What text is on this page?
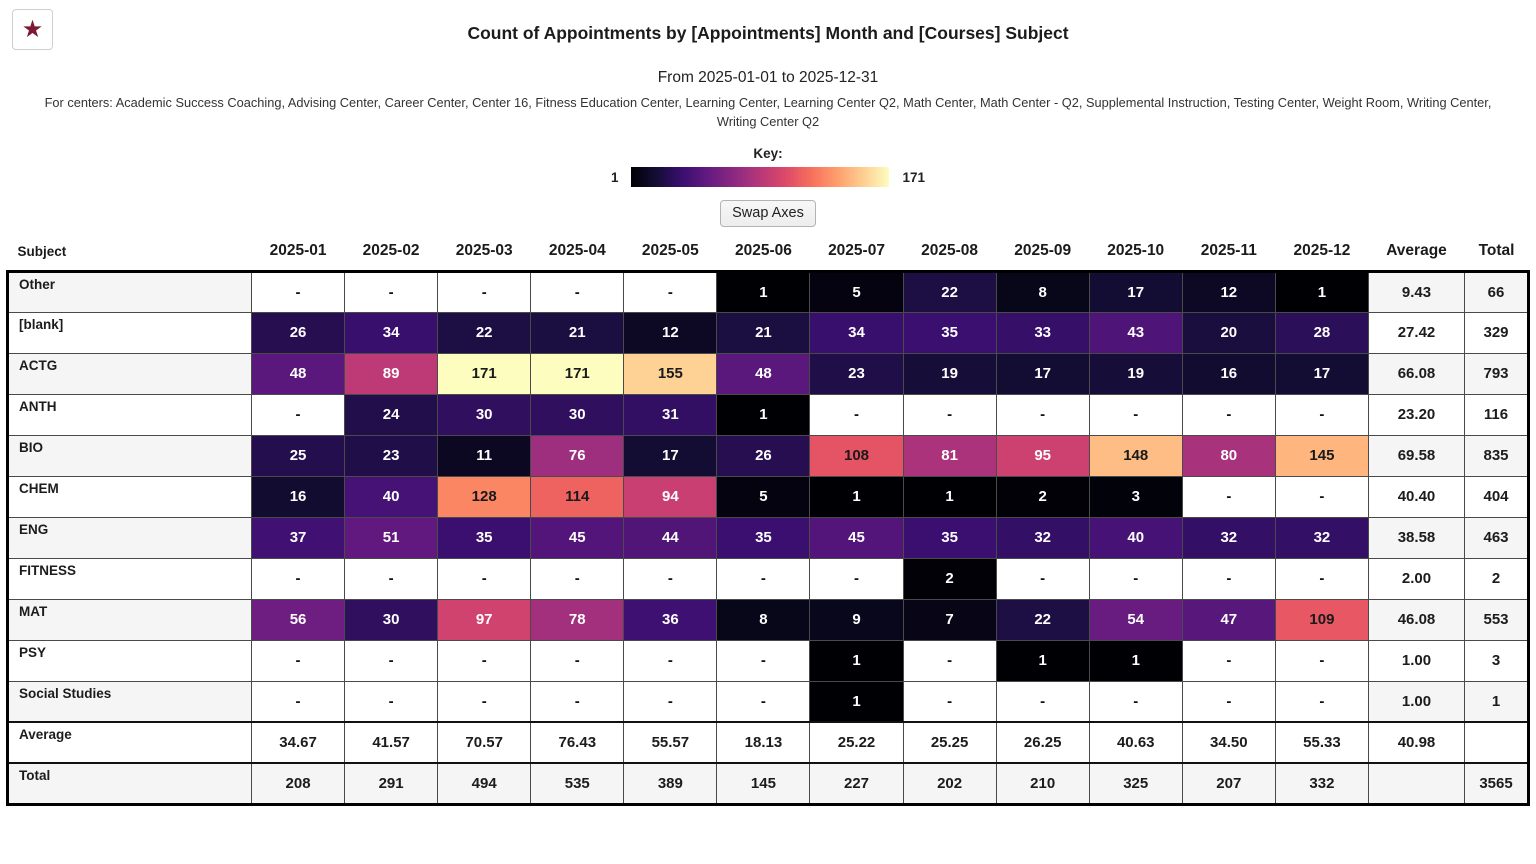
★	Count of Appointments by [Appointments] Month and [Courses] Subject
From 2025-01-01 to 2025-12-31
For centers: Academic Success Coaching, Advising Center, Career Center, Center 16, Fitness Education Center, Learning Center, Learning Center Q2, Math Center, Math Center - Q2, Supplemental Instruction, Testing Center, Weight Room, Writing Center, Writing Center Q2
Key:
1	171
Swap Axes
Subject	2025-01	2025-02	2025-03	2025-04	2025-05	2025-06	2025-07	2025-08	2025-09	2025-10	2025-11	2025-12	Average	Total
Other	-	-	-	-	-	1	5	22	8	17	12	1	9.43	66
[blank]	26	34	22	21	12	21	34	35	33	43	20	28	27.42	329
ACTG	48	89	171	171	155	48	23	19	17	19	16	17	66.08	793
ANTH	-	24	30	30	31	1	-	-	-	-	-	-	23.20	116
BIO	25	23	11	76	17	26	108	81	95	148	80	145	69.58	835
CHEM	16	40	128	114	94	5	1	1	2	3	-	-	40.40	404
ENG	37	51	35	45	44	35	45	35	32	40	32	32	38.58	463
FITNESS	-	-	-	-	-	-	-	2	-	-	-	-	2.00	2
MAT	56	30	97	78	36	8	9	7	22	54	47	109	46.08	553
PSY	-	-	-	-	-	-	1	-	1	1	-	-	1.00	3
Social Studies	-	-	-	-	-	-	1	-	-	-	-	-	1.00	1
Average	34.67	41.57	70.57	76.43	55.57	18.13	25.22	25.25	26.25	40.63	34.50	55.33	40.98	
Total	208	291	494	535	389	145	227	202	210	325	207	332		3565
